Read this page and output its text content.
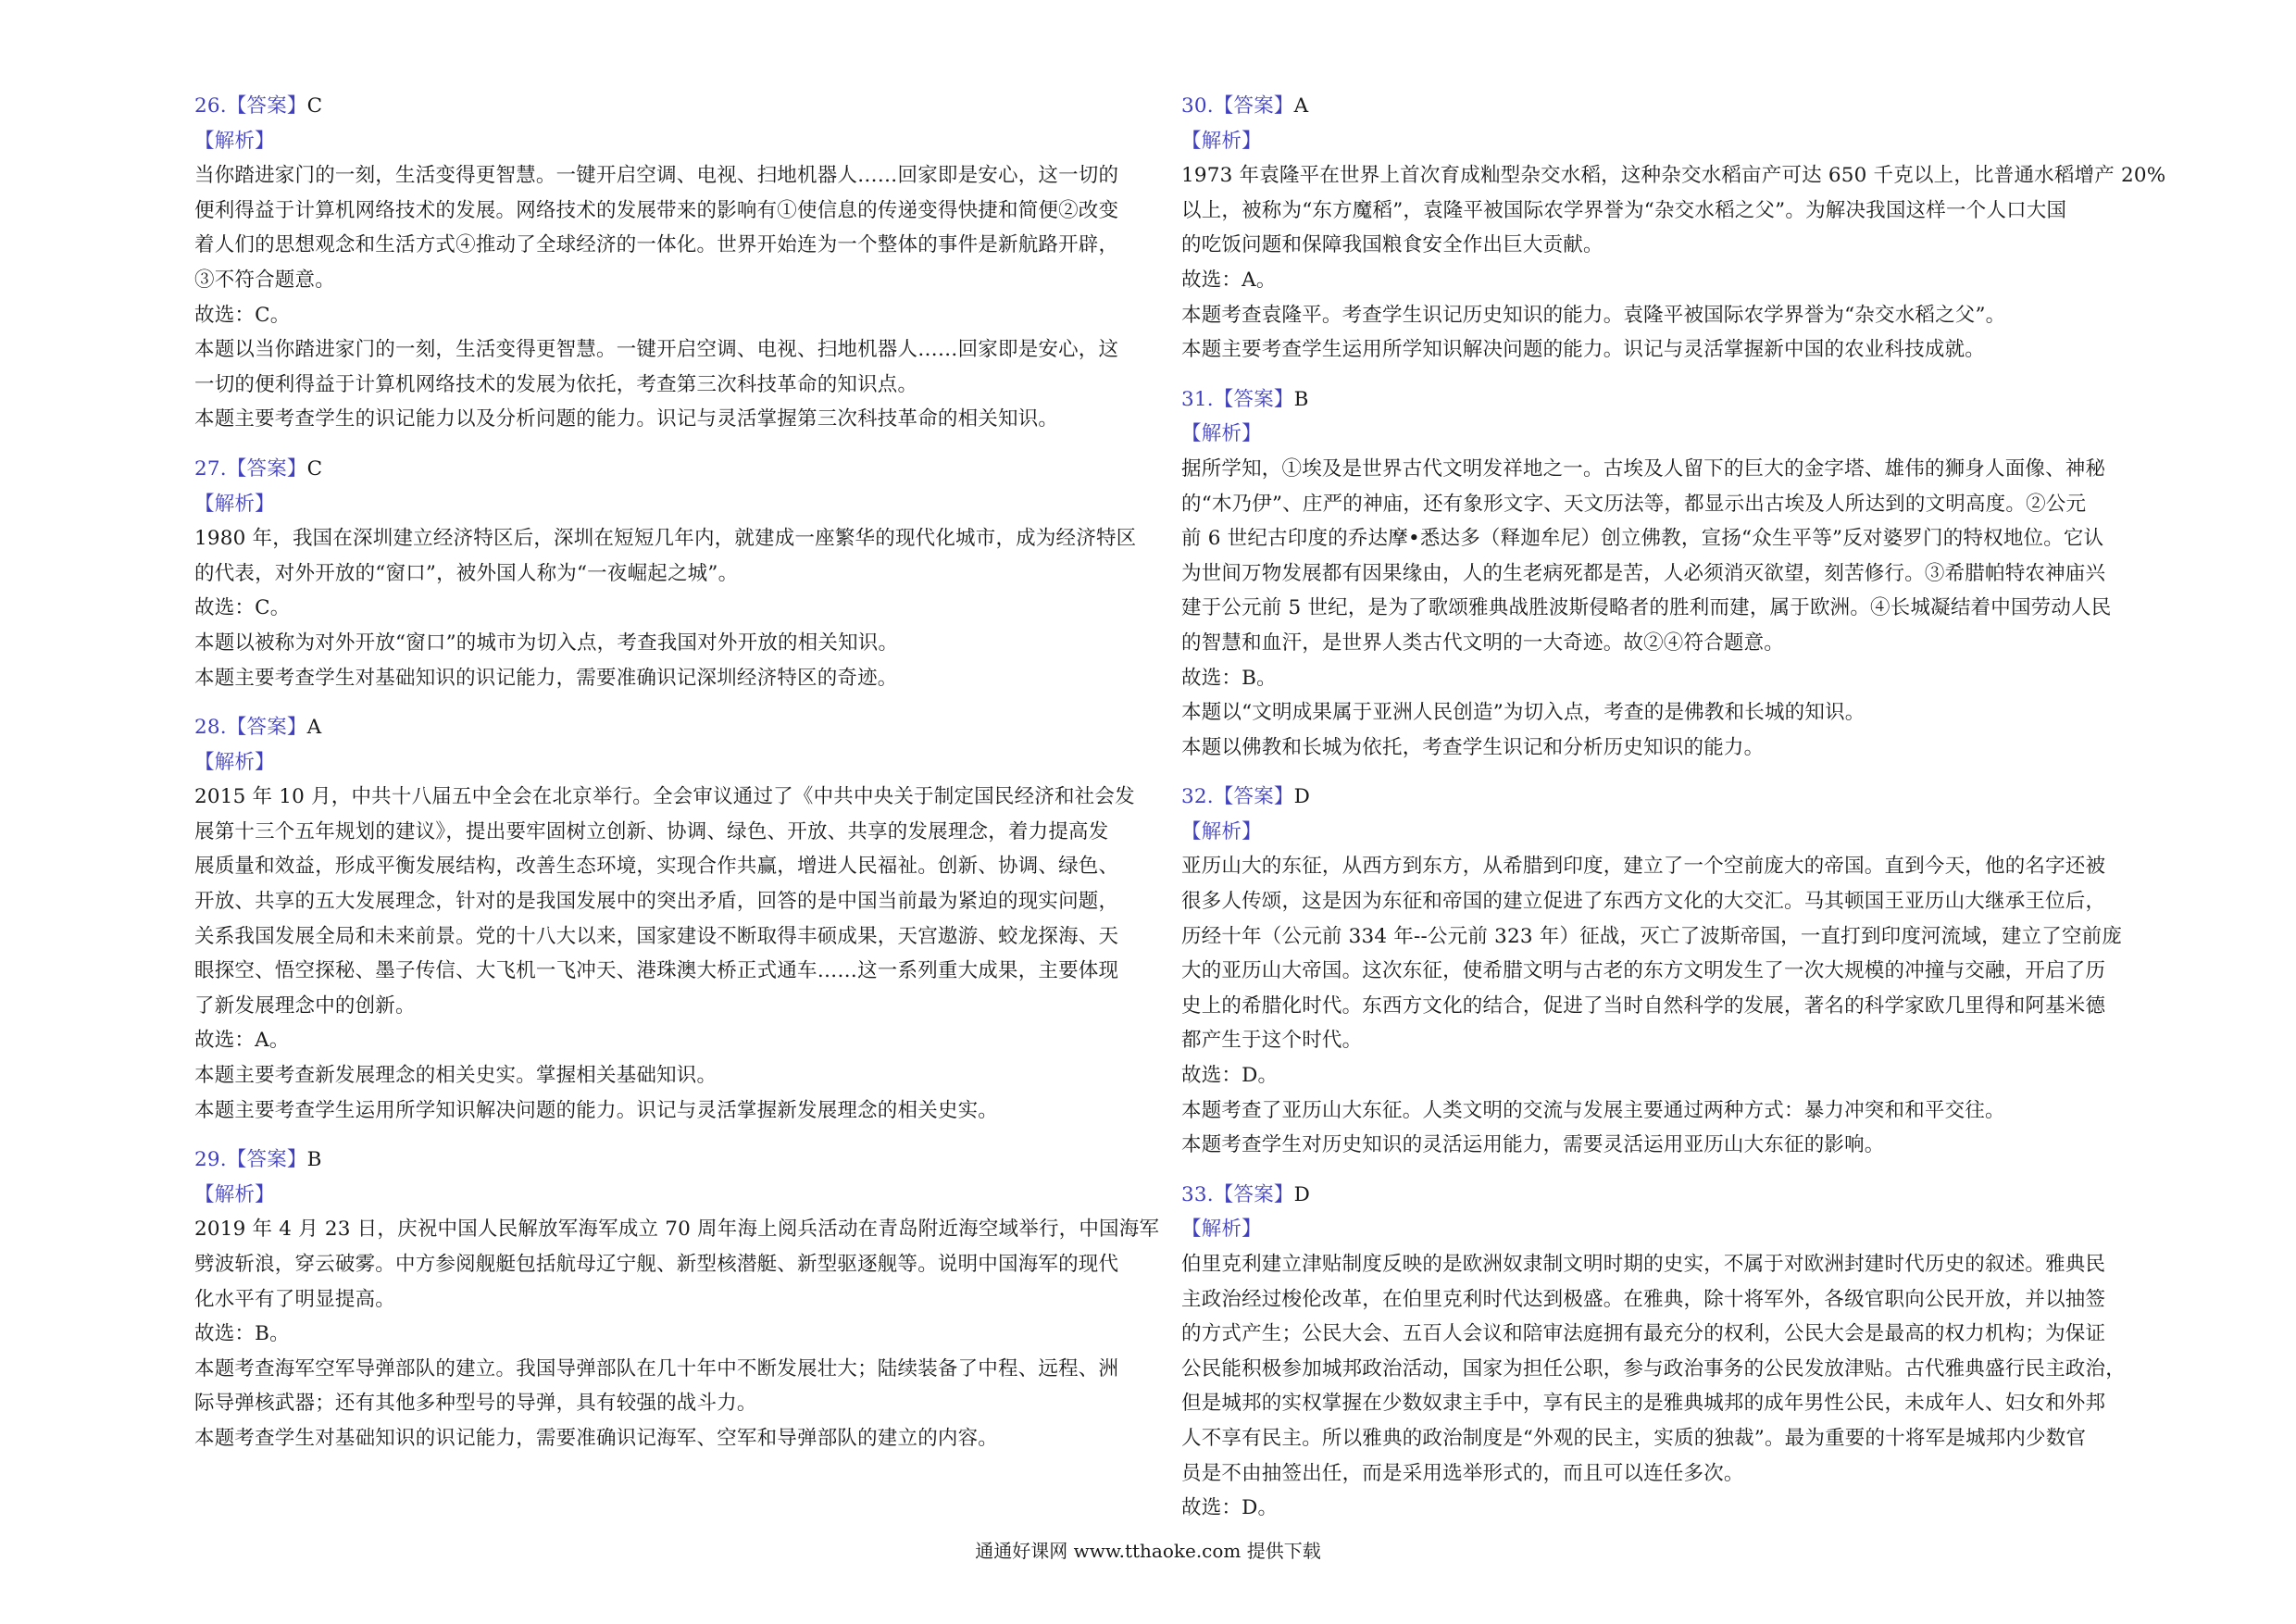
26.【答案】C
【解析】
当你踏进家门的一刻，生活变得更智慧。一键开启空调、电视、扫地机器人……回家即是安心，这一切的
便利得益于计算机网络技术的发展。网络技术的发展带来的影响有①使信息的传递变得快捷和简便②改变
着人们的思想观念和生活方式④推动了全球经济的一体化。世界开始连为一个整体的事件是新航路开辟，
③不符合题意。
故选：C。
本题以当你踏进家门的一刻，生活变得更智慧。一键开启空调、电视、扫地机器人……回家即是安心，这
一切的便利得益于计算机网络技术的发展为依托，考查第三次科技革命的知识点。
本题主要考查学生的识记能力以及分析问题的能力。识记与灵活掌握第三次科技革命的相关知识。
27.【答案】C
【解析】
1980 年，我国在深圳建立经济特区后，深圳在短短几年内，就建成一座繁华的现代化城市，成为经济特区
的代表，对外开放的“窗口”，被外国人称为“一夜崛起之城”。
故选：C。
本题以被称为对外开放“窗口”的城市为切入点，考查我国对外开放的相关知识。
本题主要考查学生对基础知识的识记能力，需要准确识记深圳经济特区的奇迹。
28.【答案】A
【解析】
2015 年 10 月，中共十八届五中全会在北京举行。全会审议通过了《中共中央关于制定国民经济和社会发
展第十三个五年规划的建议》，提出要牢固树立创新、协调、绿色、开放、共享的发展理念，着力提高发
展质量和效益，形成平衡发展结构，改善生态环境，实现合作共赢，增进人民福祉。创新、协调、绿色、
开放、共享的五大发展理念，针对的是我国发展中的突出矛盾，回答的是中国当前最为紧迫的现实问题，
关系我国发展全局和未来前景。党的十八大以来，国家建设不断取得丰硕成果，天宫遨游、蛟龙探海、天
眼探空、悟空探秘、墨子传信、大飞机一飞冲天、港珠澳大桥正式通车……这一系列重大成果，主要体现
了新发展理念中的创新。
故选：A。
本题主要考查新发展理念的相关史实。掌握相关基础知识。
本题主要考查学生运用所学知识解决问题的能力。识记与灵活掌握新发展理念的相关史实。
29.【答案】B
【解析】
2019 年 4 月 23 日，庆祝中国人民解放军海军成立 70 周年海上阅兵活动在青岛附近海空域举行，中国海军
劈波斩浪，穿云破雾。中方参阅舰艇包括航母辽宁舰、新型核潜艇、新型驱逐舰等。说明中国海军的现代
化水平有了明显提高。
故选：B。
本题考查海军空军导弹部队的建立。我国导弹部队在几十年中不断发展壮大；陆续装备了中程、远程、洲
际导弹核武器；还有其他多种型号的导弹，具有较强的战斗力。
本题考查学生对基础知识的识记能力，需要准确识记海军、空军和导弹部队的建立的内容。
30.【答案】A
【解析】
1973 年袁隆平在世界上首次育成籼型杂交水稻，这种杂交水稻亩产可达 650 千克以上，比普通水稻增产 20%
以上，被称为“东方魔稻”，袁隆平被国际农学界誉为“杂交水稻之父”。为解决我国这样一个人口大国
的吃饭问题和保障我国粮食安全作出巨大贡献。
故选：A。
本题考查袁隆平。考查学生识记历史知识的能力。袁隆平被国际农学界誉为“杂交水稻之父”。
本题主要考查学生运用所学知识解决问题的能力。识记与灵活掌握新中国的农业科技成就。
31.【答案】B
【解析】
据所学知，①埃及是世界古代文明发祥地之一。古埃及人留下的巨大的金字塔、雄伟的狮身人面像、神秘
的“木乃伊”、庄严的神庙，还有象形文字、天文历法等，都显示出古埃及人所达到的文明高度。②公元
前 6 世纪古印度的乔达摩•悉达多（释迦牟尼）创立佛教，宣扬“众生平等”反对婆罗门的特权地位。它认
为世间万物发展都有因果缘由，人的生老病死都是苦，人必须消灭欲望，刻苦修行。③希腊帕特农神庙兴
建于公元前 5 世纪，是为了歌颂雅典战胜波斯侵略者的胜利而建，属于欧洲。④长城凝结着中国劳动人民
的智慧和血汗，是世界人类古代文明的一大奇迹。故②④符合题意。
故选：B。
本题以“文明成果属于亚洲人民创造”为切入点，考查的是佛教和长城的知识。
本题以佛教和长城为依托，考查学生识记和分析历史知识的能力。
32.【答案】D
【解析】
亚历山大的东征，从西方到东方，从希腊到印度，建立了一个空前庞大的帝国。直到今天，他的名字还被
很多人传颂，这是因为东征和帝国的建立促进了东西方文化的大交汇。马其顿国王亚历山大继承王位后，
历经十年（公元前 334 年--公元前 323 年）征战，灭亡了波斯帝国，一直打到印度河流域，建立了空前庞
大的亚历山大帝国。这次东征，使希腊文明与古老的东方文明发生了一次大规模的冲撞与交融，开启了历
史上的希腊化时代。东西方文化的结合，促进了当时自然科学的发展，著名的科学家欧几里得和阿基米德
都产生于这个时代。
故选：D。
本题考查了亚历山大东征。人类文明的交流与发展主要通过两种方式：暴力冲突和和平交往。
本题考查学生对历史知识的灵活运用能力，需要灵活运用亚历山大东征的影响。
33.【答案】D
【解析】
伯里克利建立津贴制度反映的是欧洲奴隶制文明时期的史实，不属于对欧洲封建时代历史的叙述。雅典民
主政治经过梭伦改革，在伯里克利时代达到极盛。在雅典，除十将军外，各级官职向公民开放，并以抽签
的方式产生；公民大会、五百人会议和陪审法庭拥有最充分的权利，公民大会是最高的权力机构；为保证
公民能积极参加城邦政治活动，国家为担任公职，参与政治事务的公民发放津贴。古代雅典盛行民主政治，
但是城邦的实权掌握在少数奴隶主手中，享有民主的是雅典城邦的成年男性公民，未成年人、妇女和外邦
人不享有民主。所以雅典的政治制度是“外观的民主，实质的独裁”。最为重要的十将军是城邦内少数官
员是不由抽签出任，而是采用选举形式的，而且可以连任多次。
故选：D。
通通好课网 www.tthaoke.com 提供下载
